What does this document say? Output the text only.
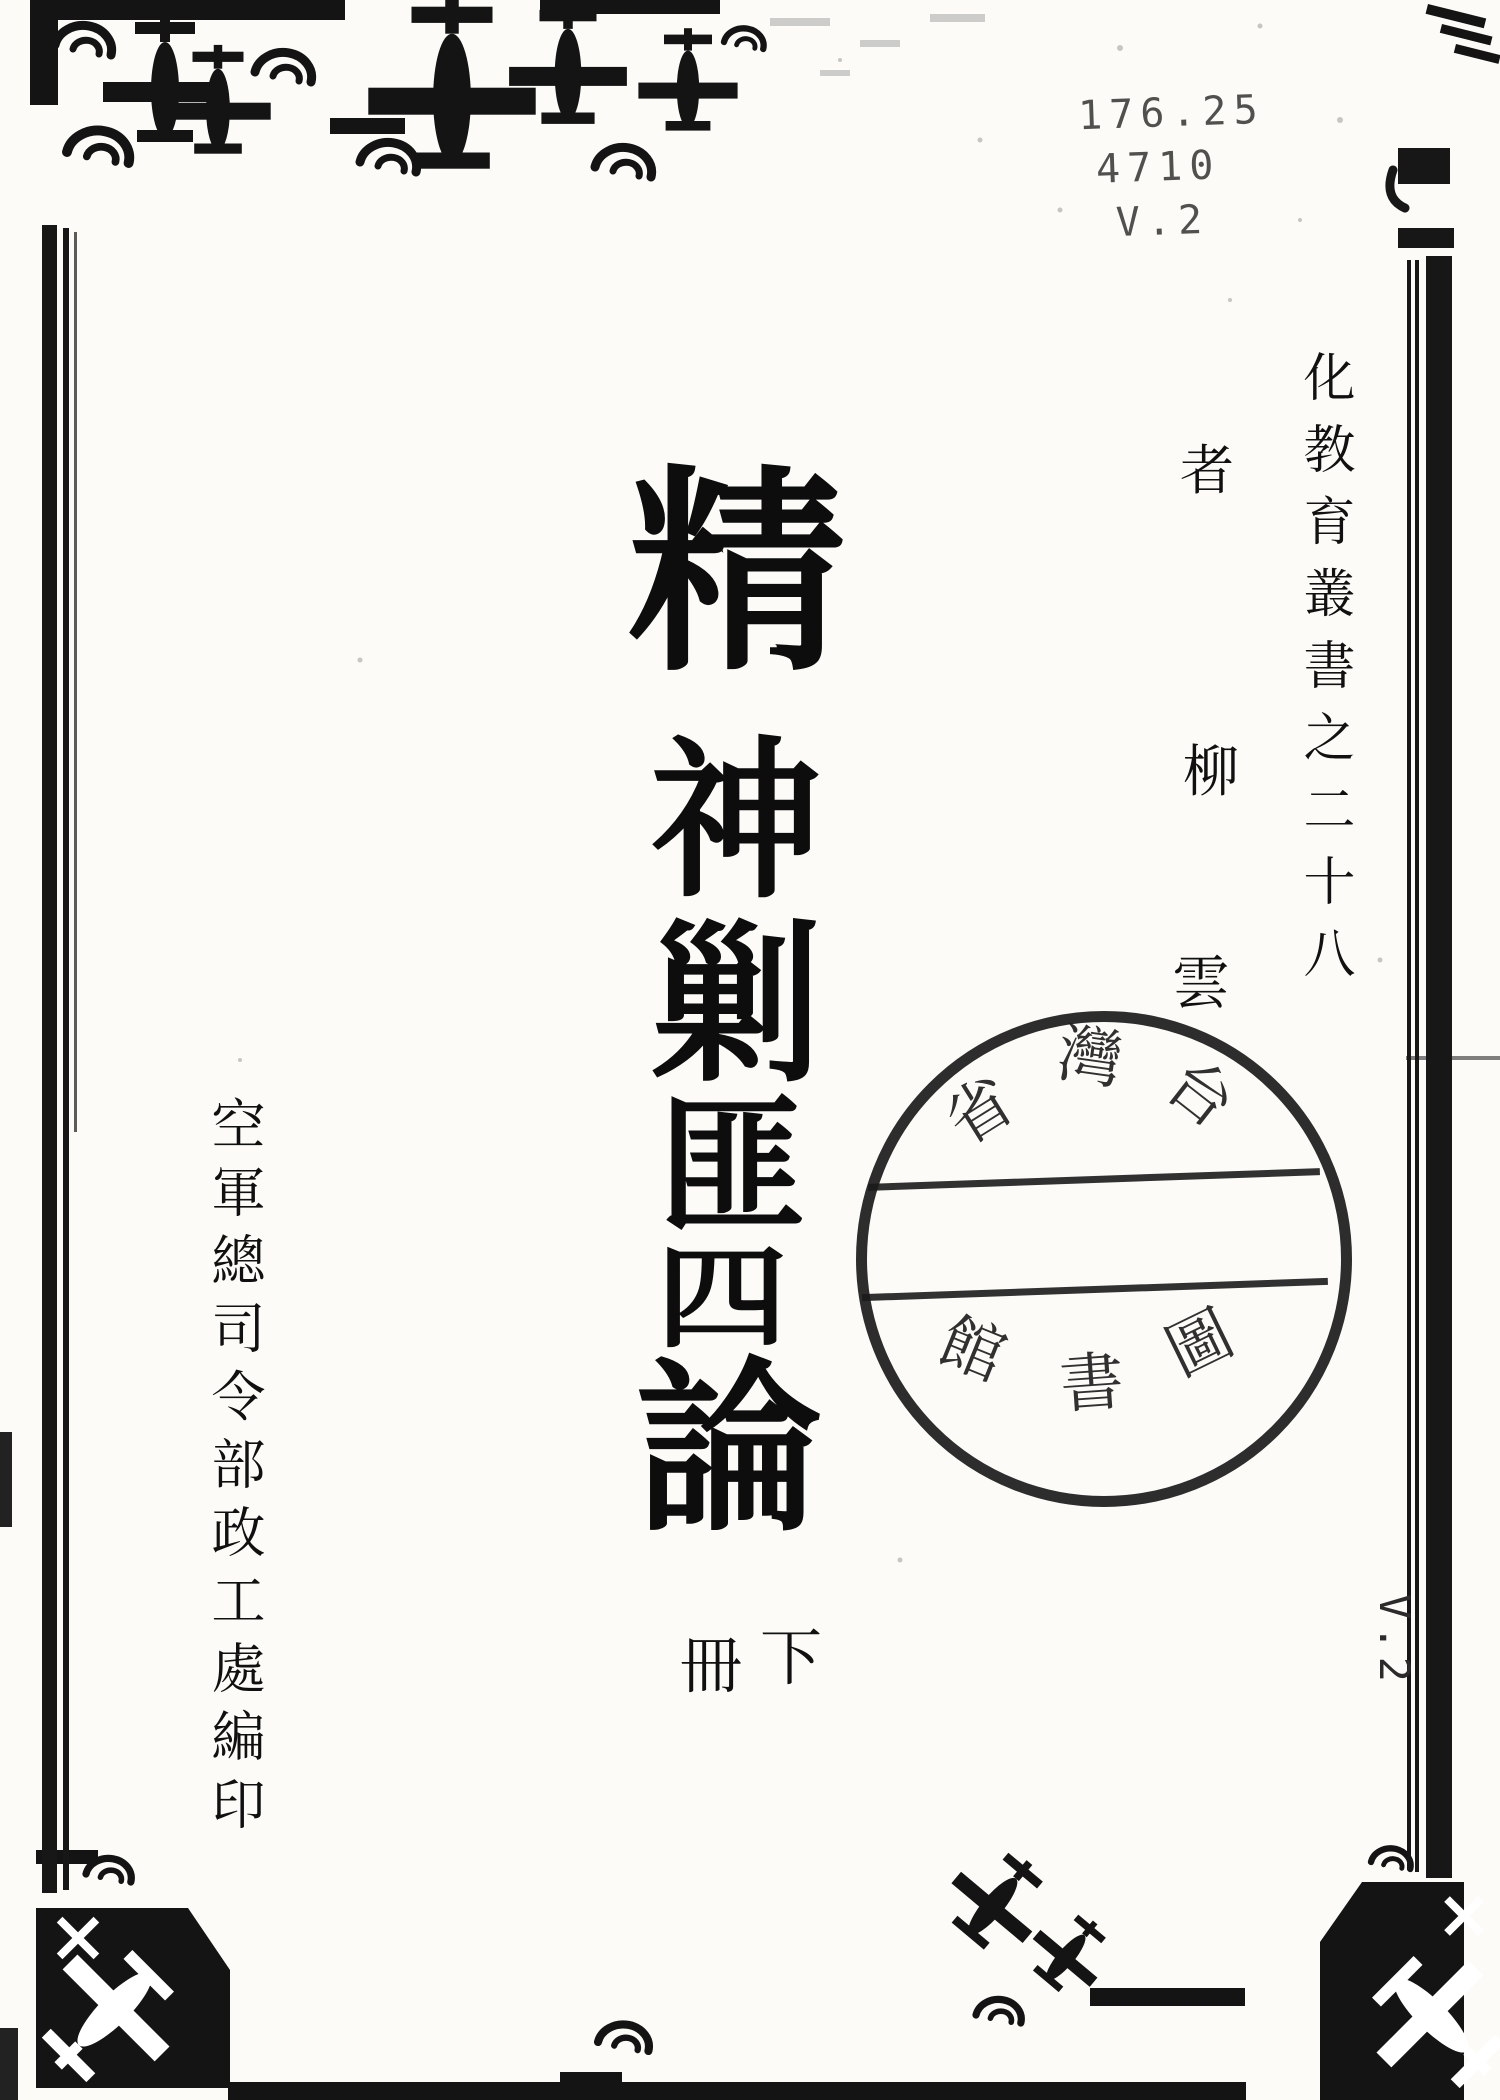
176.25
4710
V.2
化教育叢書之二十八
者
柳
雲
精
神
剿
匪
四
論
冊 下
空軍總司令部政工處編印
台
灣
省
圖
書
館
V.2
